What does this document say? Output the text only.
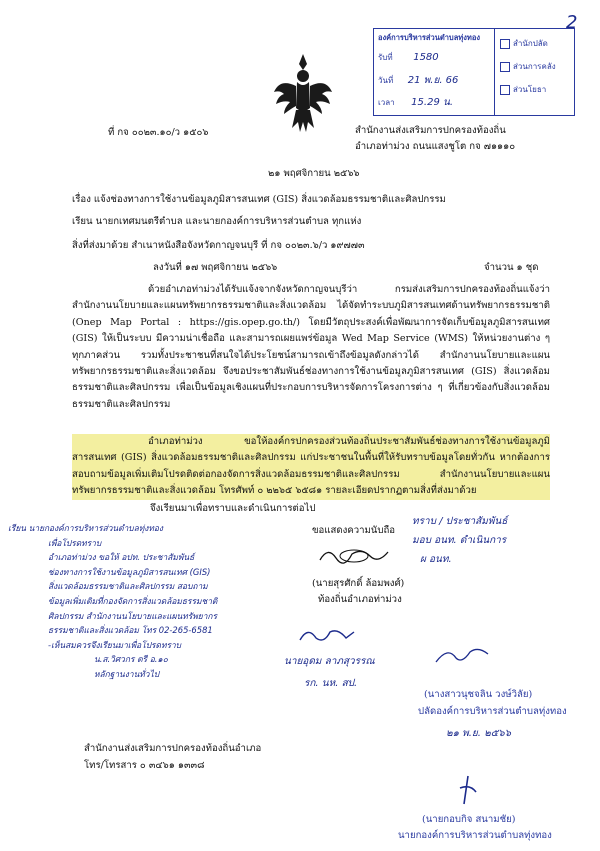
2
องค์การบริหารส่วนตำบลทุ่งทอง
รับที่ 1580
วันที่ 21 พ.ย. 66
เวลา 15.29 น.
สำนักปลัด
ส่วนการคลัง
ส่วนโยธา
ที่ กจ ๐๐๒๓.๑๐/ว ๑๕๐๖	สำนักงานส่งเสริมการปกครองท้องถิ่น
อำเภอท่าม่วง ถนนแสงชูโต กจ ๗๑๑๑๐
๒๑ พฤศจิกายน ๒๕๖๖
เรื่อง แจ้งช่องทางการใช้งานข้อมูลภูมิสารสนเทศ (GIS) สิ่งแวดล้อมธรรมชาติและศิลปกรรม
เรียน นายกเทศมนตรีตำบล และนายกองค์การบริหารส่วนตำบล ทุกแห่ง
สิ่งที่ส่งมาด้วย สำเนาหนังสือจังหวัดกาญจนบุรี ที่ กจ ๐๐๒๓.๖/ว ๑๙๗๗๓
ลงวันที่ ๑๗ พฤศจิกายน ๒๕๖๖	จำนวน ๑ ชุด
ด้วยอำเภอท่าม่วงได้รับแจ้งจากจังหวัดกาญจนบุรีว่า กรมส่งเสริมการปกครองท้องถิ่นแจ้งว่า สำนักงานนโยบายและแผนทรัพยากรธรรมชาติและสิ่งแวดล้อม ได้จัดทำระบบภูมิสารสนเทศด้านทรัพยากรธรรมชาติ (Onep Map Portal : https://gis.opep.go.th/) โดยมีวัตถุประสงค์เพื่อพัฒนาการจัดเก็บข้อมูลภูมิสารสนเทศ (GIS) ให้เป็นระบบ มีความน่าเชื่อถือ และสามารถเผยแพร่ข้อมูล Wed Map Service (WMS) ให้หน่วยงานต่าง ๆ ทุกภาคส่วน รวมทั้งประชาชนที่สนใจได้ประโยชน์สามารถเข้าถึงข้อมูลดังกล่าวได้ สำนักงานนโยบายและแผนทรัพยากรธรรมชาติและสิ่งแวดล้อม จึงขอประชาสัมพันธ์ช่องทางการใช้งานข้อมูลภูมิสารสนเทศ (GIS) สิ่งแวดล้อมธรรมชาติและศิลปกรรม เพื่อเป็นข้อมูลเชิงแผนที่ประกอบการบริหารจัดการโครงการต่าง ๆ ที่เกี่ยวข้องกับสิ่งแวดล้อมธรรมชาติและศิลปกรรม
อำเภอท่าม่วง ขอให้องค์กรปกครองส่วนท้องถิ่นประชาสัมพันธ์ช่องทางการใช้งานข้อมูลภูมิสารสนเทศ (GIS) สิ่งแวดล้อมธรรมชาติและศิลปกรรม แก่ประชาชนในพื้นที่ให้รับทราบข้อมูลโดยทั่วกัน หากต้องการสอบถามข้อมูลเพิ่มเติมโปรดติดต่อกองจัดการสิ่งแวดล้อมธรรมชาติและศิลปกรรม สำนักงานนโยบายและแผนทรัพยากรธรรมชาติและสิ่งแวดล้อม โทรศัพท์ ๐ ๒๒๖๕ ๖๕๘๑ รายละเอียดปรากฏตามสิ่งที่ส่งมาด้วย
จึงเรียนมาเพื่อทราบและดำเนินการต่อไป
ขอแสดงความนับถือ
(นายสุรศักดิ์ ล้อมพงศ์)
ท้องถิ่นอำเภอท่าม่วง
เรียน นายกองค์การบริหารส่วนตำบลทุ่งทอง
เพื่อโปรดทราบ
อำเภอท่าม่วง ขอให้ อปท. ประชาสัมพันธ์
ช่องทางการใช้งานข้อมูลภูมิสารสนเทศ (GIS)
สิ่งแวดล้อมธรรมชาติและศิลปกรรม สอบถาม
ข้อมูลเพิ่มเติมที่กองจัดการสิ่งแวดล้อมธรรมชาติ
ศิลปกรรม สำนักงานนโยบายและแผนทรัพยากร
ธรรมชาติและสิ่งแวดล้อม โทร 02-265-6581
-เห็นสมควรจึงเรียนมาเพื่อโปรดทราบ
น.ส.วิศวกร ตรี อ.๑๐
หลักฐานงานทั่วไป
ทราบ / ประชาสัมพันธ์
มอบ อนท. ดำเนินการ
ผ อนท.
นายอุดม ลาภสุวรรณ
รก. นห. สป.
(นางสาวนุชจลิน วงษ์วิลัย)
ปลัดองค์การบริหารส่วนตำบลทุ่งทอง
๒๑ พ.ย. ๒๕๖๖
สำนักงานส่งเสริมการปกครองท้องถิ่นอำเภอ
โทร/โทรสาร ๐ ๓๔๖๑ ๑๓๓๘
(นายกอบกิจ สนามชัย)
นายกองค์การบริหารส่วนตำบลทุ่งทอง
